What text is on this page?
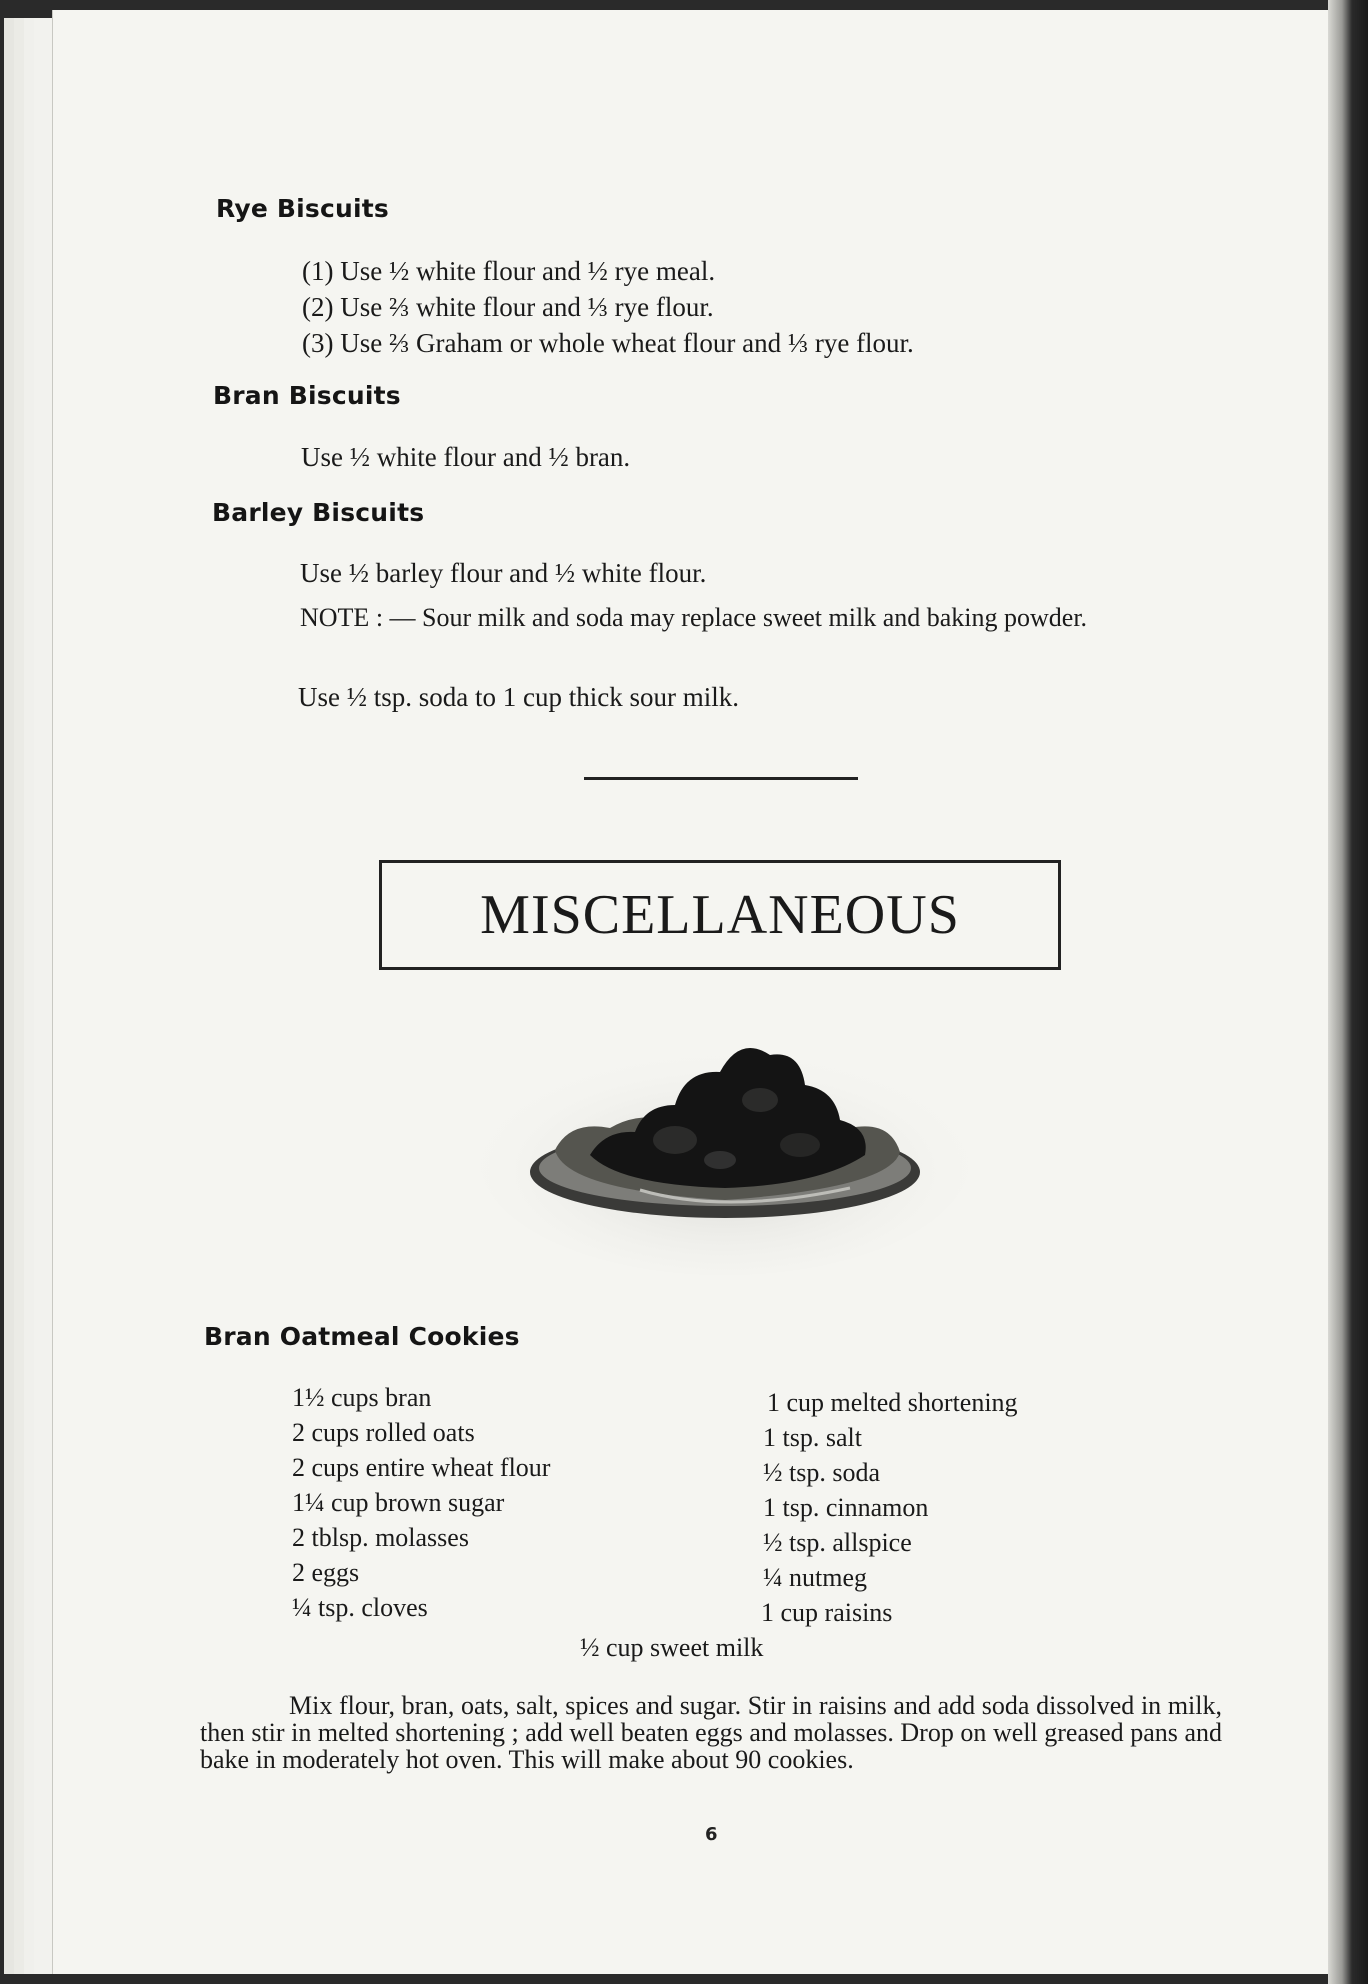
Rye Biscuits
(1) Use ½ white flour and ½ rye meal.
(2) Use ⅔ white flour and ⅓ rye flour.
(3) Use ⅔ Graham or whole wheat flour and ⅓ rye flour.
Bran Biscuits
Use ½ white flour and ½ bran.
Barley Biscuits
Use ½ barley flour and ½ white flour.
NOTE : — Sour milk and soda may replace sweet milk and baking powder.
Use ½ tsp. soda to 1 cup thick sour milk.
MISCELLANEOUS
Bran Oatmeal Cookies
1½ cups bran
2 cups rolled oats
2 cups entire wheat flour
1¼ cup brown sugar
2 tblsp. molasses
2 eggs
¼ tsp. cloves
1 cup melted shortening
1 tsp. salt
½ tsp. soda
1 tsp. cinnamon
½ tsp. allspice
¼ nutmeg
1 cup raisins
½ cup sweet milk
Mix flour, bran, oats, salt, spices and sugar. Stir in raisins and add soda dissolved in milk, then stir in melted shortening ; add well beaten eggs and molasses. Drop on well greased pans and bake in moderately hot oven. This will make about 90 cookies.
6
